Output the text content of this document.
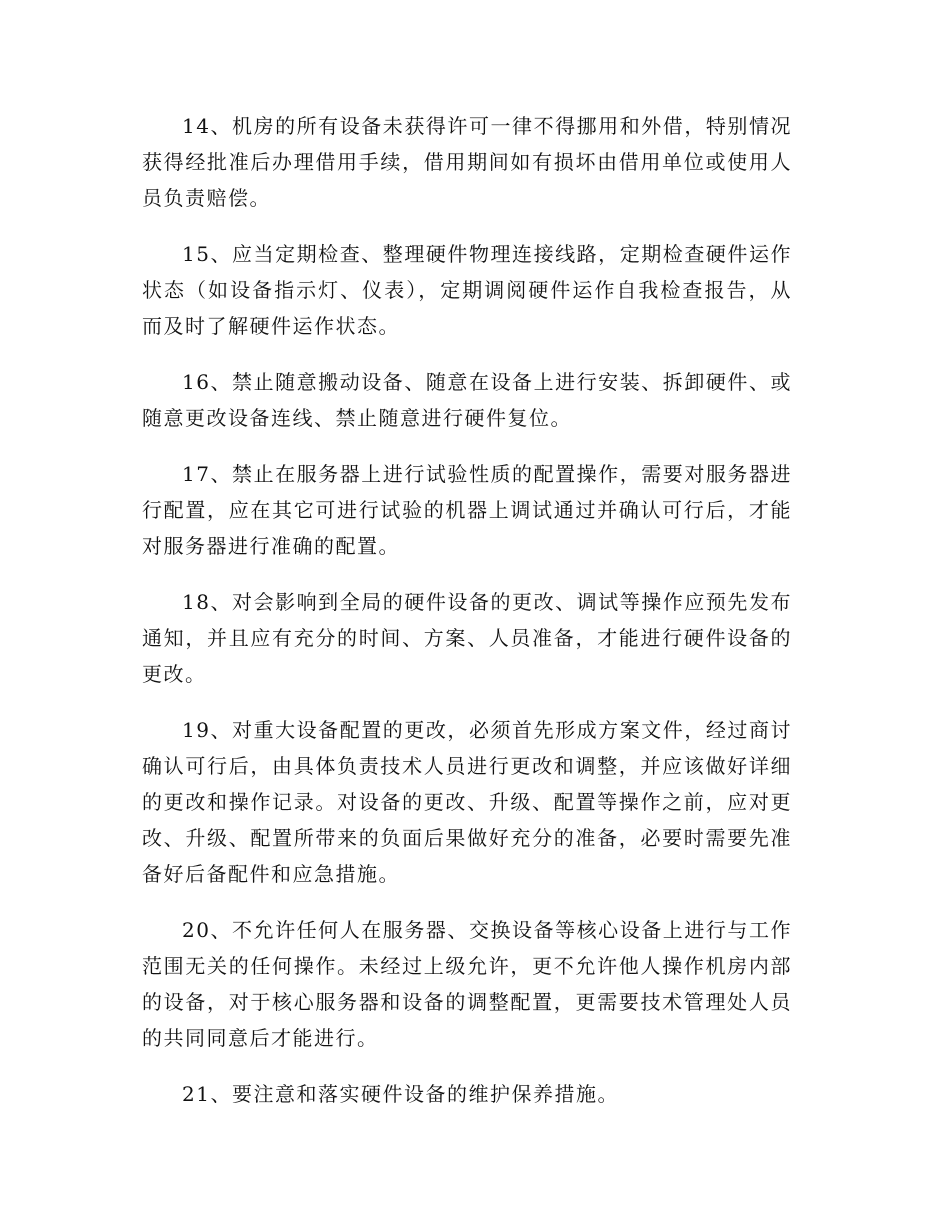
14、机房的所有设备未获得许可一律不得挪用和外借，特别情况获得经批准后办理借用手续，借用期间如有损坏由借用单位或使用人员负责赔偿。

15、应当定期检查、整理硬件物理连接线路，定期检查硬件运作状态（如设备指示灯、仪表），定期调阅硬件运作自我检查报告，从而及时了解硬件运作状态。

16、禁止随意搬动设备、随意在设备上进行安装、拆卸硬件、或随意更改设备连线、禁止随意进行硬件复位。

17、禁止在服务器上进行试验性质的配置操作，需要对服务器进行配置，应在其它可进行试验的机器上调试通过并确认可行后，才能对服务器进行准确的配置。

18、对会影响到全局的硬件设备的更改、调试等操作应预先发布通知，并且应有充分的时间、方案、人员准备，才能进行硬件设备的更改。

19、对重大设备配置的更改，必须首先形成方案文件，经过商讨确认可行后，由具体负责技术人员进行更改和调整，并应该做好详细的更改和操作记录。对设备的更改、升级、配置等操作之前，应对更改、升级、配置所带来的负面后果做好充分的准备，必要时需要先准备好后备配件和应急措施。

20、不允许任何人在服务器、交换设备等核心设备上进行与工作范围无关的任何操作。未经过上级允许，更不允许他人操作机房内部的设备，对于核心服务器和设备的调整配置，更需要技术管理处人员的共同同意后才能进行。

21、要注意和落实硬件设备的维护保养措施。
